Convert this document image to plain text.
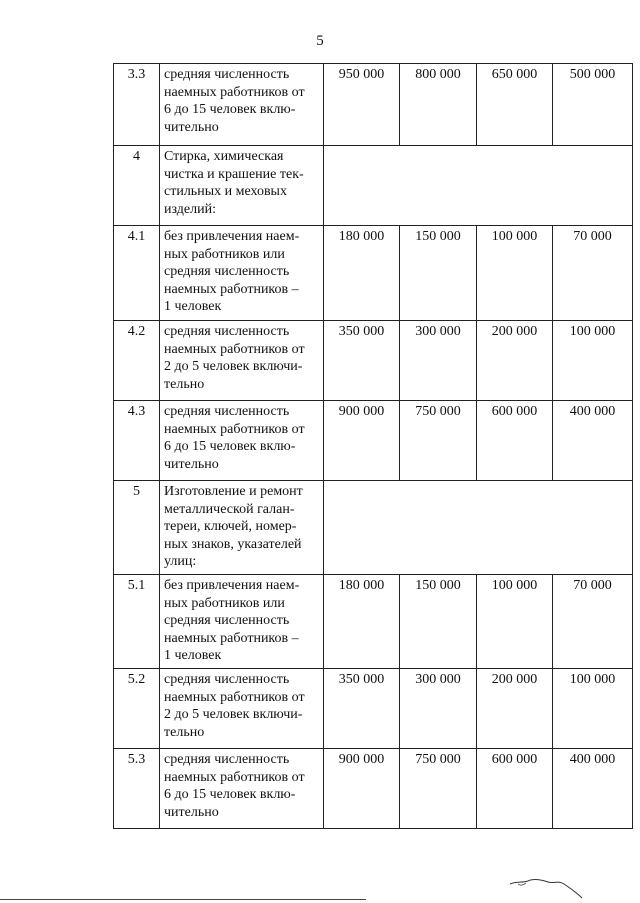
5
3.3	средняя численность
наемных работников от
6 до 15 человек вклю-
чительно	950 000	800 000	650 000	500 000
4	Стирка, химическая
чистка и крашение тек-
стильных и меховых
изделий:				
4.1	без привлечения наем-
ных работников или
средняя численность
наемных работников –
1 человек	180 000	150 000	100 000	70 000
4.2	средняя численность
наемных работников от
2 до 5 человек включи-
тельно	350 000	300 000	200 000	100 000
4.3	средняя численность
наемных работников от
6 до 15 человек вклю-
чительно	900 000	750 000	600 000	400 000
5	Изготовление и ремонт
металлической галан-
тереи, ключей, номер-
ных знаков, указателей
улиц:				
5.1	без привлечения наем-
ных работников или
средняя численность
наемных работников –
1 человек	180 000	150 000	100 000	70 000
5.2	средняя численность
наемных работников от
2 до 5 человек включи-
тельно	350 000	300 000	200 000	100 000
5.3	средняя численность
наемных работников от
6 до 15 человек вклю-
чительно	900 000	750 000	600 000	400 000
